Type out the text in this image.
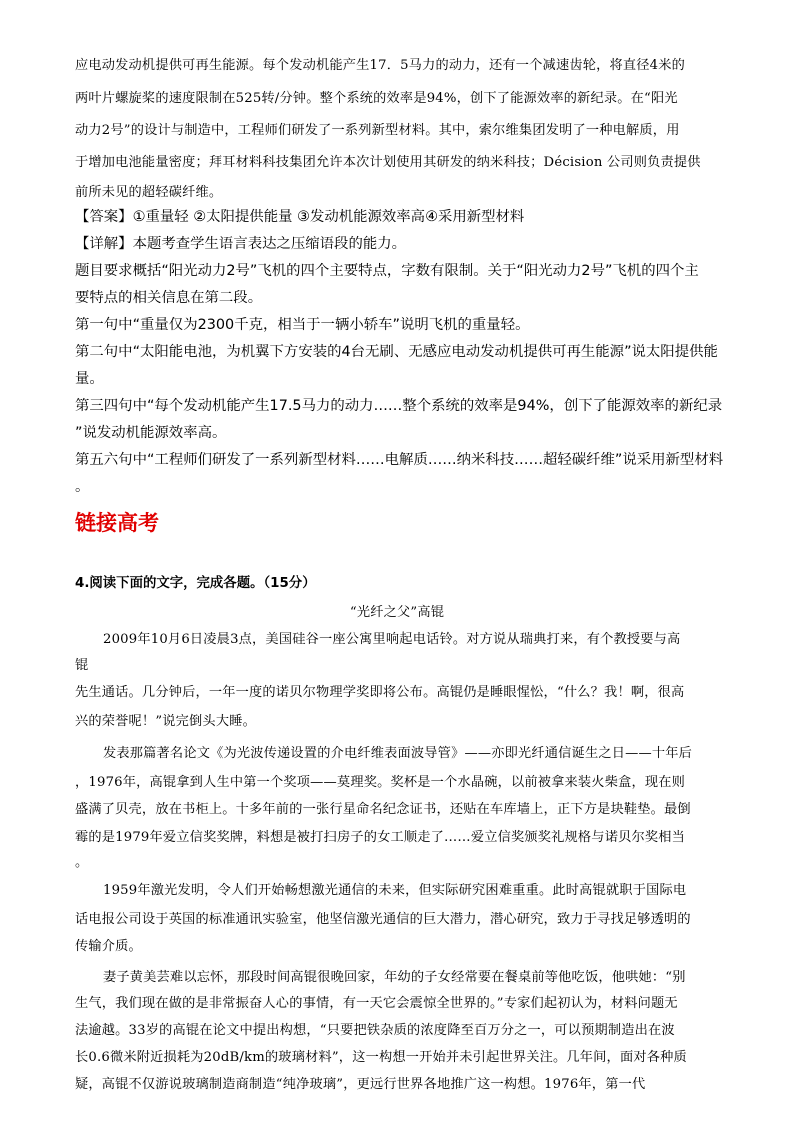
应电动发动机提供可再生能源。每个发动机能产生17．5马力的动力，还有一个减速齿轮，将直径4米的
两叶片螺旋桨的速度限制在525转/分钟。整个系统的效率是94%，创下了能源效率的新纪录。在“阳光
动力2号”的设计与制造中，工程师们研发了一系列新型材料。其中，索尔维集团发明了一种电解质，用
于增加电池能量密度；拜耳材料科技集团允许本次计划使用其研发的纳米科技；Décision 公司则负责提供
前所未见的超轻碳纤维。
【答案】①重量轻 ②太阳提供能量 ③发动机能源效率高④采用新型材料
【详解】本题考查学生语言表达之压缩语段的能力。
题目要求概括“阳光动力2号”飞机的四个主要特点，字数有限制。关于“阳光动力2号”飞机的四个主
要特点的相关信息在第二段。
第一句中“重量仅为2300千克，相当于一辆小轿车”说明飞机的重量轻。
第二句中“太阳能电池，为机翼下方安装的4台无刷、无感应电动发动机提供可再生能源”说太阳提供能
量。
第三四句中“每个发动机能产生17.5马力的动力……整个系统的效率是94%，创下了能源效率的新纪录
”说发动机能源效率高。
第五六句中“工程师们研发了一系列新型材料……电解质……纳米科技……超轻碳纤维”说采用新型材料
。
链接高考
4.阅读下面的文字，完成各题。（15分）
“光纤之父”高锟
2009年10月6日凌晨3点，美国硅谷一座公寓里响起电话铃。对方说从瑞典打来，有个教授要与高
锟
先生通话。几分钟后，一年一度的诺贝尔物理学奖即将公布。高锟仍是睡眼惺忪，“什么？我！啊，很高
兴的荣誉呢！”说完倒头大睡。
发表那篇著名论文《为光波传递设置的介电纤维表面波导管》——亦即光纤通信诞生之日——十年后
，1976年，高锟拿到人生中第一个奖项——莫理奖。奖杯是一个水晶碗，以前被拿来装火柴盒，现在则
盛满了贝壳，放在书柜上。十多年前的一张行星命名纪念证书，还贴在车库墙上，正下方是块鞋垫。最倒
霉的是1979年爱立信奖奖牌，料想是被打扫房子的女工顺走了……爱立信奖颁奖礼规格与诺贝尔奖相当
。
1959年激光发明，令人们开始畅想激光通信的未来，但实际研究困难重重。此时高锟就职于国际电
话电报公司设于英国的标准通讯实验室，他坚信激光通信的巨大潜力，潜心研究，致力于寻找足够透明的
传输介质。
妻子黄美芸难以忘怀，那段时间高锟很晚回家，年幼的子女经常要在餐桌前等他吃饭，他哄她：“别
生气，我们现在做的是非常振奋人心的事情，有一天它会震惊全世界的。”专家们起初认为，材料问题无
法逾越。33岁的高锟在论文中提出构想，“只要把铁杂质的浓度降至百万分之一，可以预期制造出在波
长0.6微米附近损耗为20dB/km的玻璃材料”，这一构想一开始并未引起世界关注。几年间，面对各种质
疑，高锟不仅游说玻璃制造商制造“纯净玻璃”，更远行世界各地推广这一构想。1976年，第一代
